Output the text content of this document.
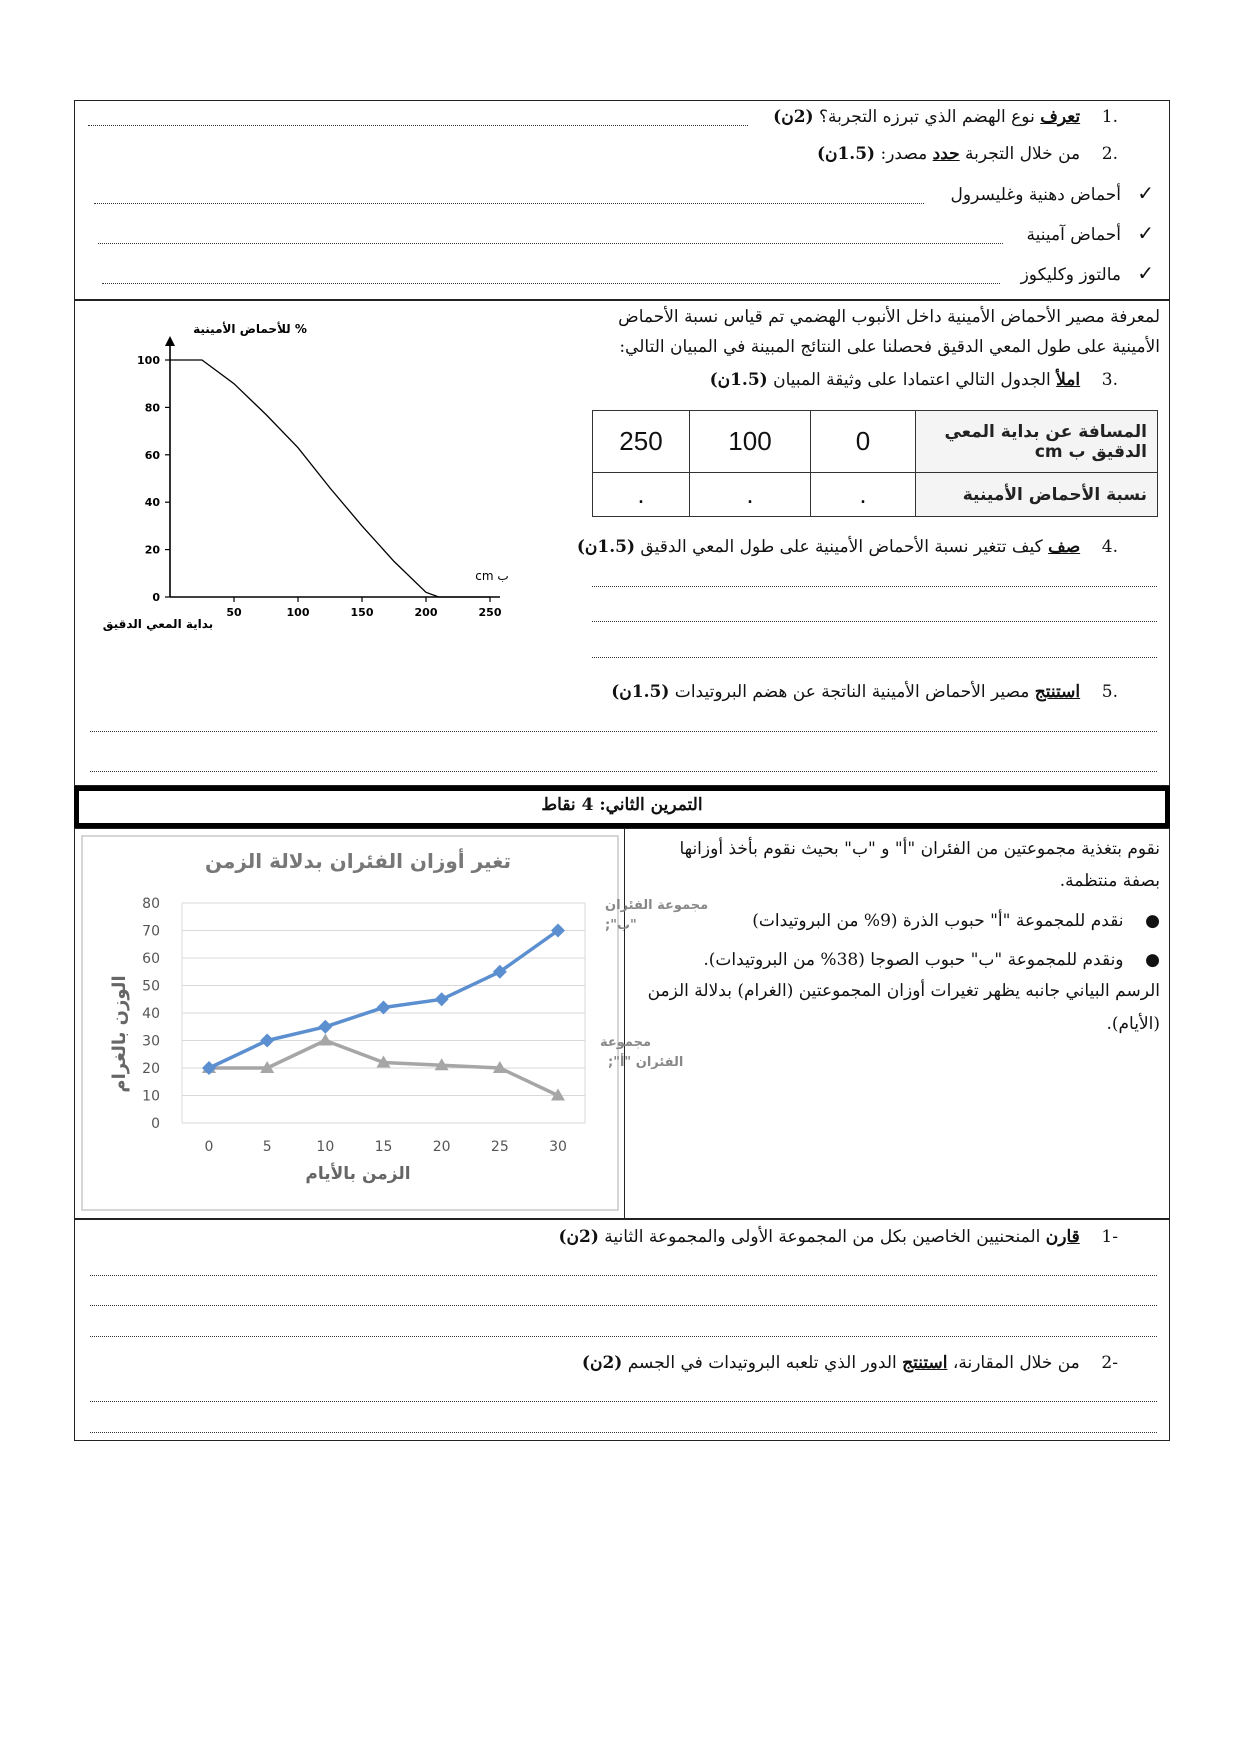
.1    تعرف نوع الهضم الذي تبرزه التجربة؟ (2ن)
.2    من خلال التجربة حدد مصدر: (1.5ن)
✓   أحماض دهنية وغليسرول
✓   أحماض آمينية
✓   مالتوز وكليكوز
لمعرفة مصير الأحماض الأمينية داخل الأنبوب الهضمي تم قياس نسبة الأحماض
الأمينية على طول المعي الدقيق فحصلنا على النتائج المبينة في المبيان التالي:
.3    املأ الجدول التالي اعتمادا على وثيقة المبيان (1.5ن)
250	100	0	المسافة عن بداية المعي الدقيق ب cm
.	.	.	نسبة الأحماض الأمينية
.4    صف كيف تتغير نسبة الأحماض الأمينية على طول المعي الدقيق (1.5ن)
.5    استنتج مصير الأحماض الأمينية الناتجة عن هضم البروتيدات (1.5ن)
% للأحماض الأمينية
بداية المعي الدقيق
cm ب
0
20
40
60
80
100
50	100	150	200	250
التمرين الثاني: 4 نقاط
نقوم بتغذية مجموعتين من الفئران "أ" و "ب" بحيث نقوم بأخذ أوزانها
بصفة منتظمة.
●    نقدم للمجموعة "أ" حبوب الذرة (9% من البروتيدات)
●    ونقدم للمجموعة "ب" حبوب الصوجا (38% من البروتيدات).
الرسم البياني جانبه يظهر تغيرات أوزان المجموعتين (الغرام) بدلالة الزمن
(الأيام).
تغير أوزان الفئران بدلالة الزمن
الزمن بالأيام
الوزن بالغرام
مجموعة الفئران
"ب";
مجموعة
الفئران "أ";
0
10
20
30
40
50
60
70
80
0	5	10	15	20	25	30
-1    قارن المنحنيين الخاصين بكل من المجموعة الأولى والمجموعة الثانية (2ن)
-2    من خلال المقارنة، استنتج الدور الذي تلعبه البروتيدات في الجسم (2ن)
